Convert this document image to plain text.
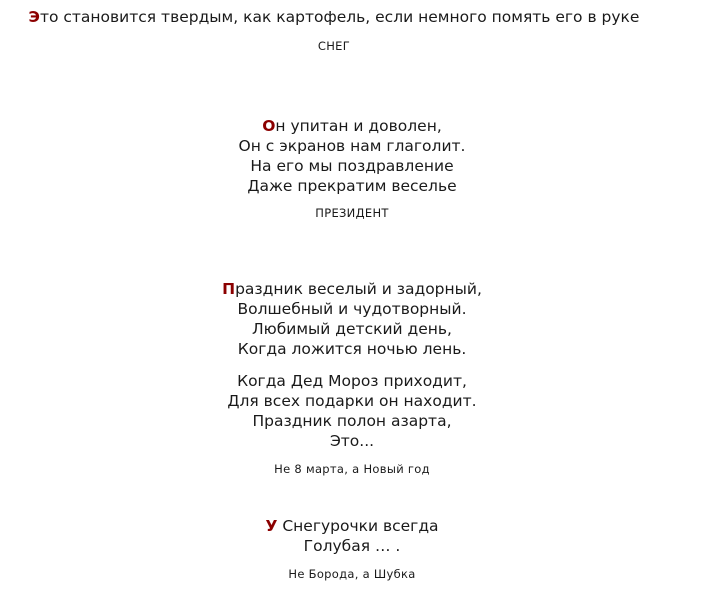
Это становится твердым, как картофель, если немного помять его в руке
СНЕГ
Он упитан и доволен,
Он с экранов нам глаголит.
На его мы поздравление
Даже прекратим веселье
ПРЕЗИДЕНТ
Праздник веселый и задорный,
Волшебный и чудотворный.
Любимый детский день,
Когда ложится ночью лень.
Когда Дед Мороз приходит,
Для всех подарки он находит.
Праздник полон азарта,
Это...
Не 8 марта, а Новый год
У Снегурочки всегда
Голубая … .
Не Борода, а Шубка
